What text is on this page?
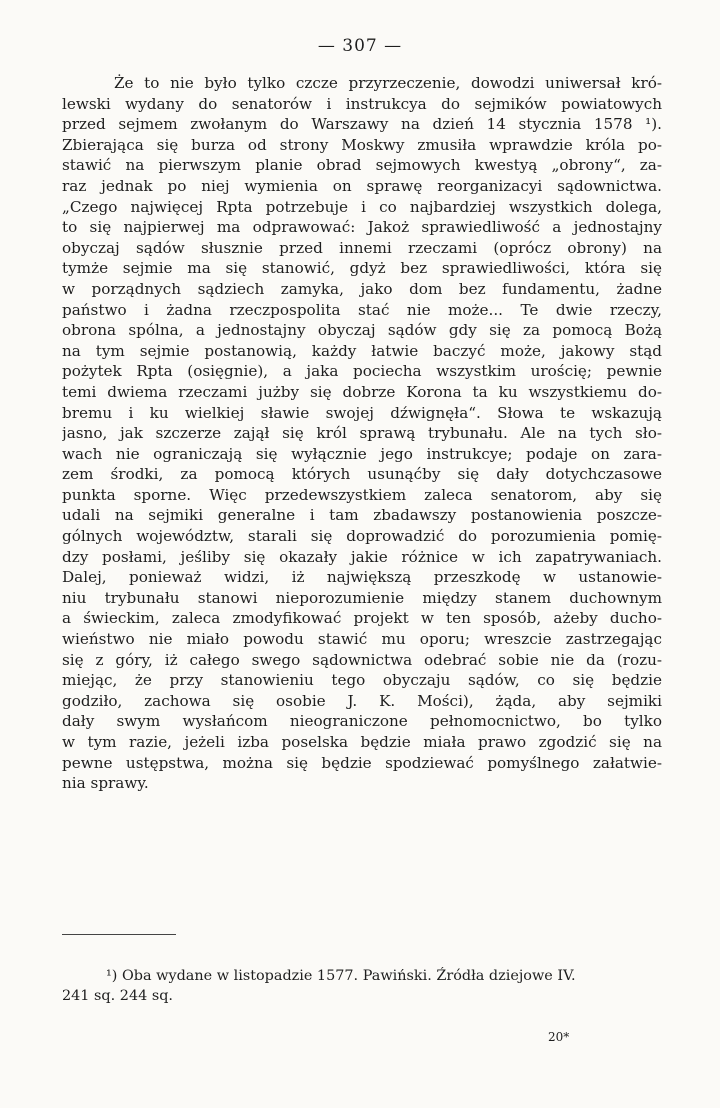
— 307 —
Że to nie było tylko czcze przyrzeczenie, dowodzi uniwersał kró-
lewski wydany do senatorów i instrukcya do sejmików powiatowych
przed sejmem zwołanym do Warszawy na dzień 14 stycznia 1578 ¹).
Zbierająca się burza od strony Moskwy zmusiła wprawdzie króla po-
stawić na pierwszym planie obrad sejmowych kwestyą „obrony“, za-
raz jednak po niej wymienia on sprawę reorganizacyi sądownictwa.
„Czego najwięcej Rpta potrzebuje i co najbardziej wszystkich dolega,
to się najpierwej ma odprawować: Jakoż sprawiedliwość a jednostajny
obyczaj sądów słusznie przed innemi rzeczami (oprócz obrony) na
tymże sejmie ma się stanowić, gdyż bez sprawiedliwości, która się
w porządnych sądziech zamyka, jako dom bez fundamentu, żadne
państwo i żadna rzeczpospolita stać nie może... Te dwie rzeczy,
obrona spólna, a jednostajny obyczaj sądów gdy się za pomocą Bożą
na tym sejmie postanowią, każdy łatwie baczyć może, jakowy stąd
pożytek Rpta (osięgnie), a jaka pociecha wszystkim urościę; pewnie
temi dwiema rzeczami jużby się dobrze Korona ta ku wszystkiemu do-
bremu i ku wielkiej sławie swojej dźwignęła“. Słowa te wskazują
jasno, jak szczerze zajął się król sprawą trybunału. Ale na tych sło-
wach nie ograniczają się wyłącznie jego instrukcye; podaje on zara-
zem środki, za pomocą których usunąćby się dały dotychczasowe
punkta sporne. Więc przedewszystkiem zaleca senatorom, aby się
udali na sejmiki generalne i tam zbadawszy postanowienia poszcze-
gólnych województw, starali się doprowadzić do porozumienia pomię-
dzy posłami, jeśliby się okazały jakie różnice w ich zapatrywaniach.
Dalej, ponieważ widzi, iż największą przeszkodę w ustanowie-
niu trybunału stanowi nieporozumienie między stanem duchownym
a świeckim, zaleca zmodyfikować projekt w ten sposób, ażeby ducho-
wieństwo nie miało powodu stawić mu oporu; wreszcie zastrzegając
się z góry, iż całego swego sądownictwa odebrać sobie nie da (rozu-
miejąc, że przy stanowieniu tego obyczaju sądów, co się będzie
godziło, zachowa się osobie J. K. Mości), żąda, aby sejmiki
dały swym wysłańcom nieograniczone pełnomocnictwo, bo tylko
w tym razie, jeżeli izba poselska będzie miała prawo zgodzić się na
pewne ustępstwa, można się będzie spodziewać pomyślnego załatwie-
nia sprawy.
¹) Oba wydane w listopadzie 1577. Pawiński. Źródła dziejowe IV.
241 sq. 244 sq.
20*
